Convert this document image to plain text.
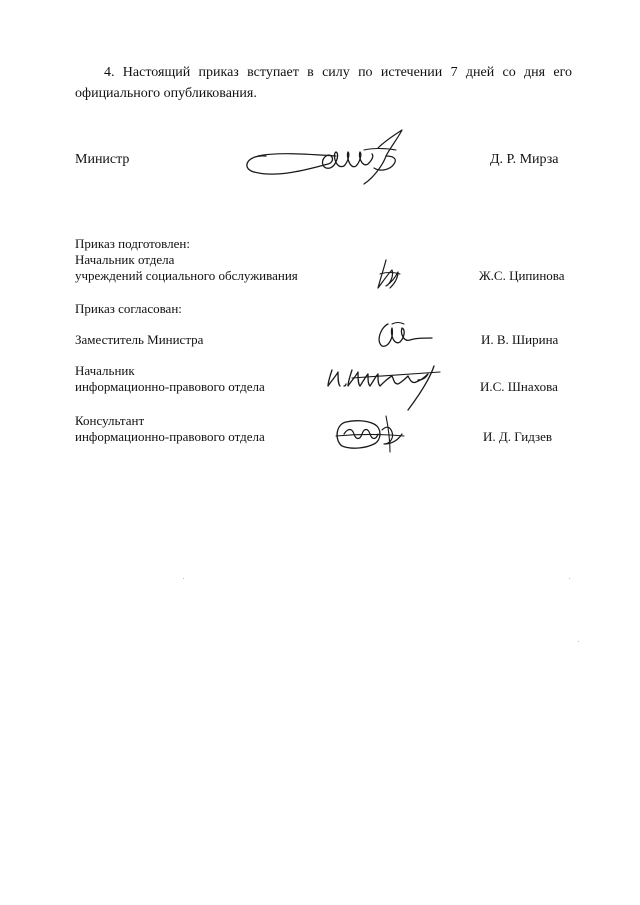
4. Настоящий приказ вступает в силу по истечении 7 дней со дня его
официального опубликования.
Министр	Д. Р. Мирза
Приказ подготовлен:
Начальник отдела
учреждений социального обслуживания	Ж.С. Ципинова
Приказ согласован:
Заместитель Министра	И. В. Ширина
Начальник
информационно-правового отдела	И.С. Шнахова
Консультант
информационно-правового отдела	И. Д. Гидзев
